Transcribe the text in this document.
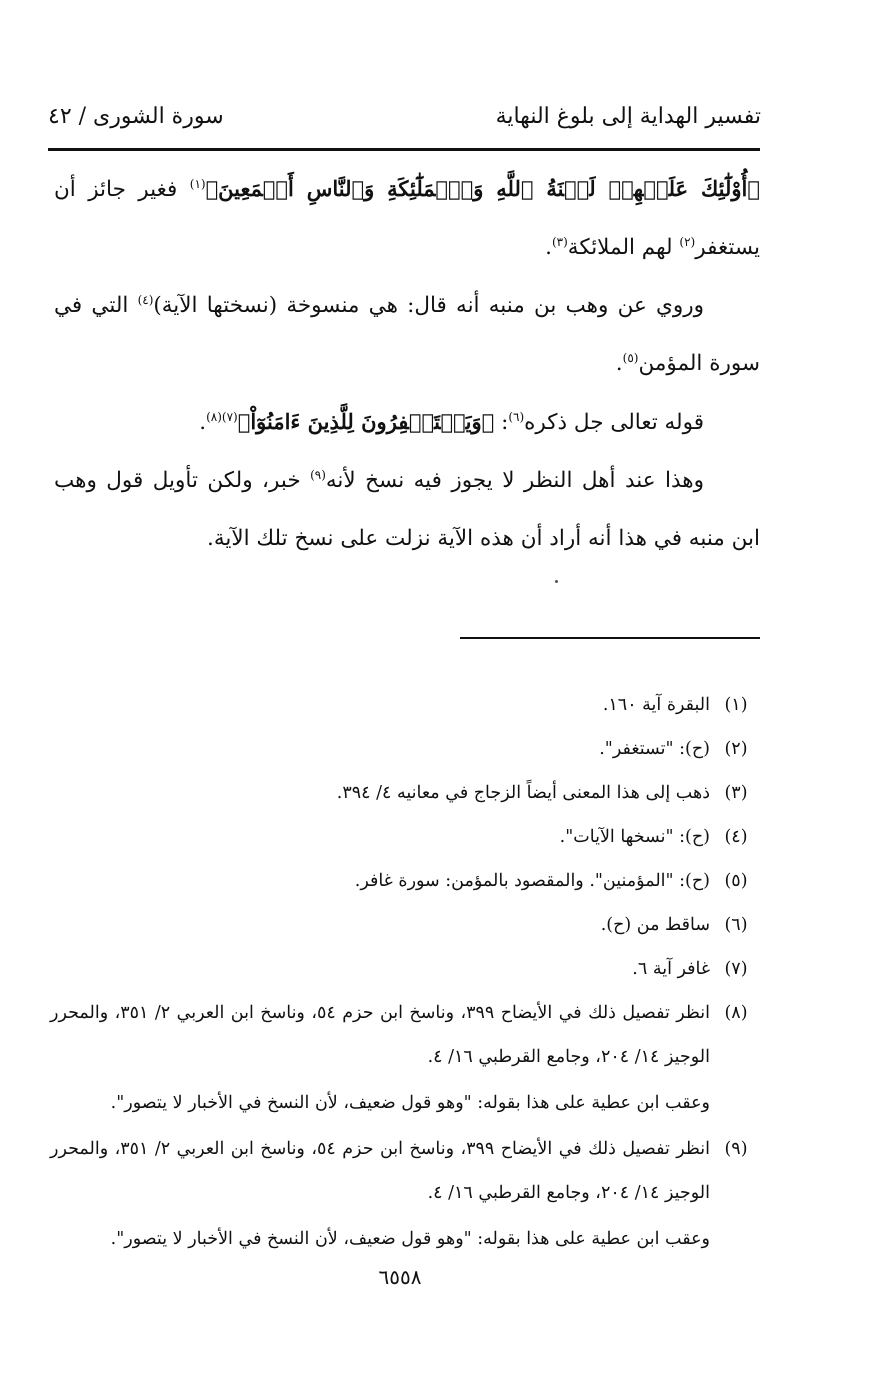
تفسير الهداية إلى بلوغ النهاية
سورة الشورى / ٤٢

﴿أُوْلَٰٓئِكَ عَلَيۡهِمۡ لَعۡنَةُ ٱللَّهِ وَٱلۡمَلَٰٓئِكَةِ وَٱلنَّاسِ أَجۡمَعِينَ﴾$^{(١)}$ فغير جائز أن يستغفر$^{(٢)}$ لهم الملائكة$^{(٣)}$.

وروي عن وهب بن منبه أنه قال: هي منسوخة (نسختها الآية)$^{(٤)}$ التي في سورة المؤمن$^{(٥)}$.

قوله تعالى جل ذكره$^{(٦)}$: ﴿وَيَسۡتَغۡفِرُونَ لِلَّذِينَ ءَامَنُوٓاْ﴾$^{(٧)(٨)}$.

وهذا عند أهل النظر لا يجوز فيه نسخ لأنه$^{(٩)}$ خبر، ولكن تأويل قول وهب ابن منبه في هذا أنه أراد أن هذه الآية نزلت على نسخ تلك الآية.

(١)
البقرة آية ١٦٠.
(٢)
(ح): "تستغفر".
(٣)
ذهب إلى هذا المعنى أيضاً الزجاج في معانيه ٤/ ٣٩٤.
(٤)
(ح): "نسخها الآيات".
(٥)
(ح): "المؤمنين". والمقصود بالمؤمن: سورة غافر.
(٦)
ساقط من (ح).
(٧)
غافر آية ٦.
(٨)
انظر تفصيل ذلك في الأيضاح ٣٩٩، وناسخ ابن حزم ٥٤، وناسخ ابن العربي ٢/ ٣٥١، والمحرر الوجيز ١٤/ ٢٠٤، وجامع القرطبي ١٦/ ٤.
وعقب ابن عطية على هذا بقوله: "وهو قول ضعيف، لأن النسخ في الأخبار لا يتصور".
(٩)
انظر تفصيل ذلك في الأيضاح ٣٩٩، وناسخ ابن حزم ٥٤، وناسخ ابن العربي ٢/ ٣٥١، والمحرر الوجيز ١٤/ ٢٠٤، وجامع القرطبي ١٦/ ٤.
وعقب ابن عطية على هذا بقوله: "وهو قول ضعيف، لأن النسخ في الأخبار لا يتصور".
٦٥٥٨
